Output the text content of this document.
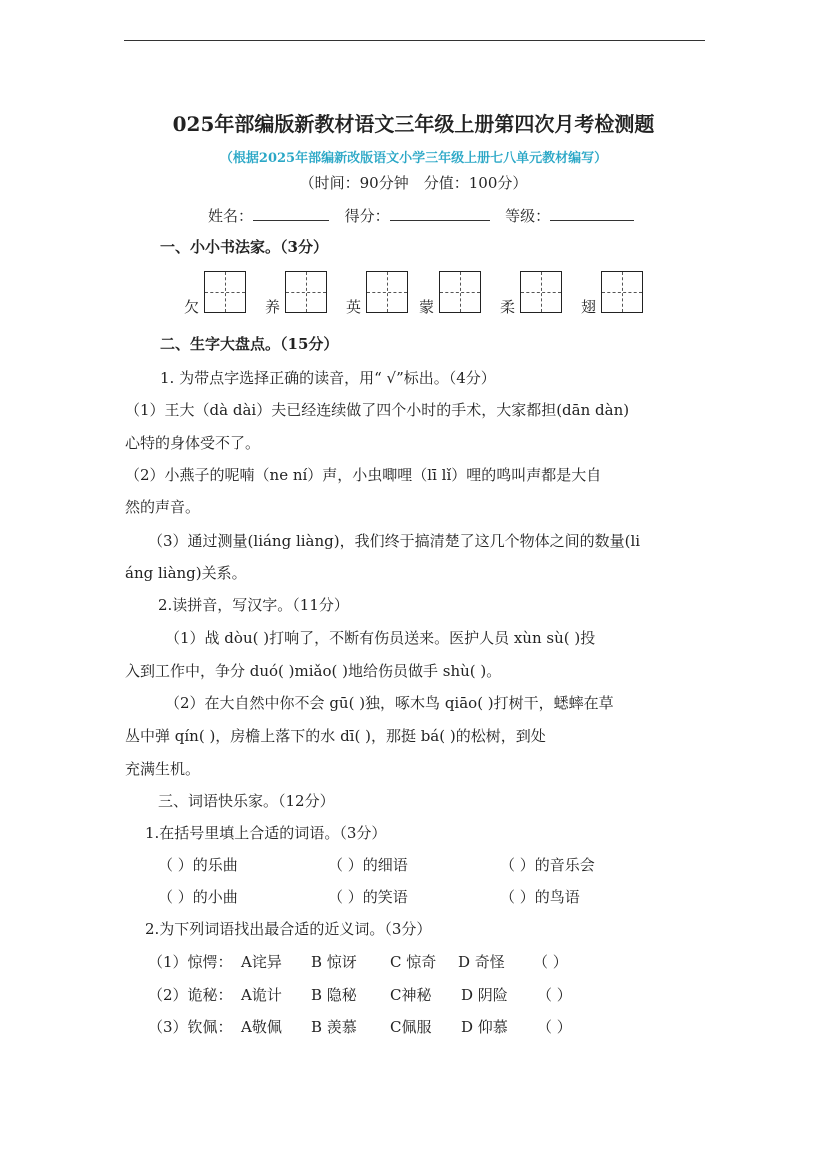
025年部编版新教材语文三年级上册第四次月考检测题
（根据2025年部编新改版语文小学三年级上册七八单元教材编写）
（时间：90分钟　分值：100分）
姓名：	得分：	等级：
一、小小书法家。（3分）
欠	养	英	蒙	柔	翅
二、生字大盘点。（15分）
1. 为带点字选择正确的读音，用“ √”标出。（4分）
（1）王大（dà dài）夫已经连续做了四个小时的手术，大家都担(dān dàn)
心特的身体受不了。
（2）小燕子的呢喃（ne ní）声，小虫唧哩（lī lǐ）哩的鸣叫声都是大自
然的声音。
（3）通过测量(liáng liàng)，我们终于搞清楚了这几个物体之间的数量(li
áng liàng)关系。
2.读拼音，写汉字。（11分）
（1）战 dòu( )打响了，不断有伤员送来。医护人员 xùn sù( )投
入到工作中，争分 duó( )miǎo( )地给伤员做手 shù( )。
（2）在大自然中你不会 gū( )独，啄木鸟 qiāo( )打树干，蟋蟀在草
丛中弹 qín( )，房檐上落下的水 dī( )，那挺 bá( )的松树，到处
充满生机。
三、词语快乐家。（12分）
1.在括号里填上合适的词语。（3分）
（ ）的乐曲	（ ）的细语	（ ）的音乐会
（ ）的小曲	（ ）的笑语	（ ）的鸟语
2.为下列词语找出最合适的近义词。（3分）
（1）惊愕： A诧异 B 惊讶 C 惊奇 D 奇怪 （ ）
（2）诡秘： A诡计 B 隐秘 C神秘 D 阴险 （ ）
（3）钦佩： A敬佩 B 羡慕 C佩服 D 仰慕 （ ）
